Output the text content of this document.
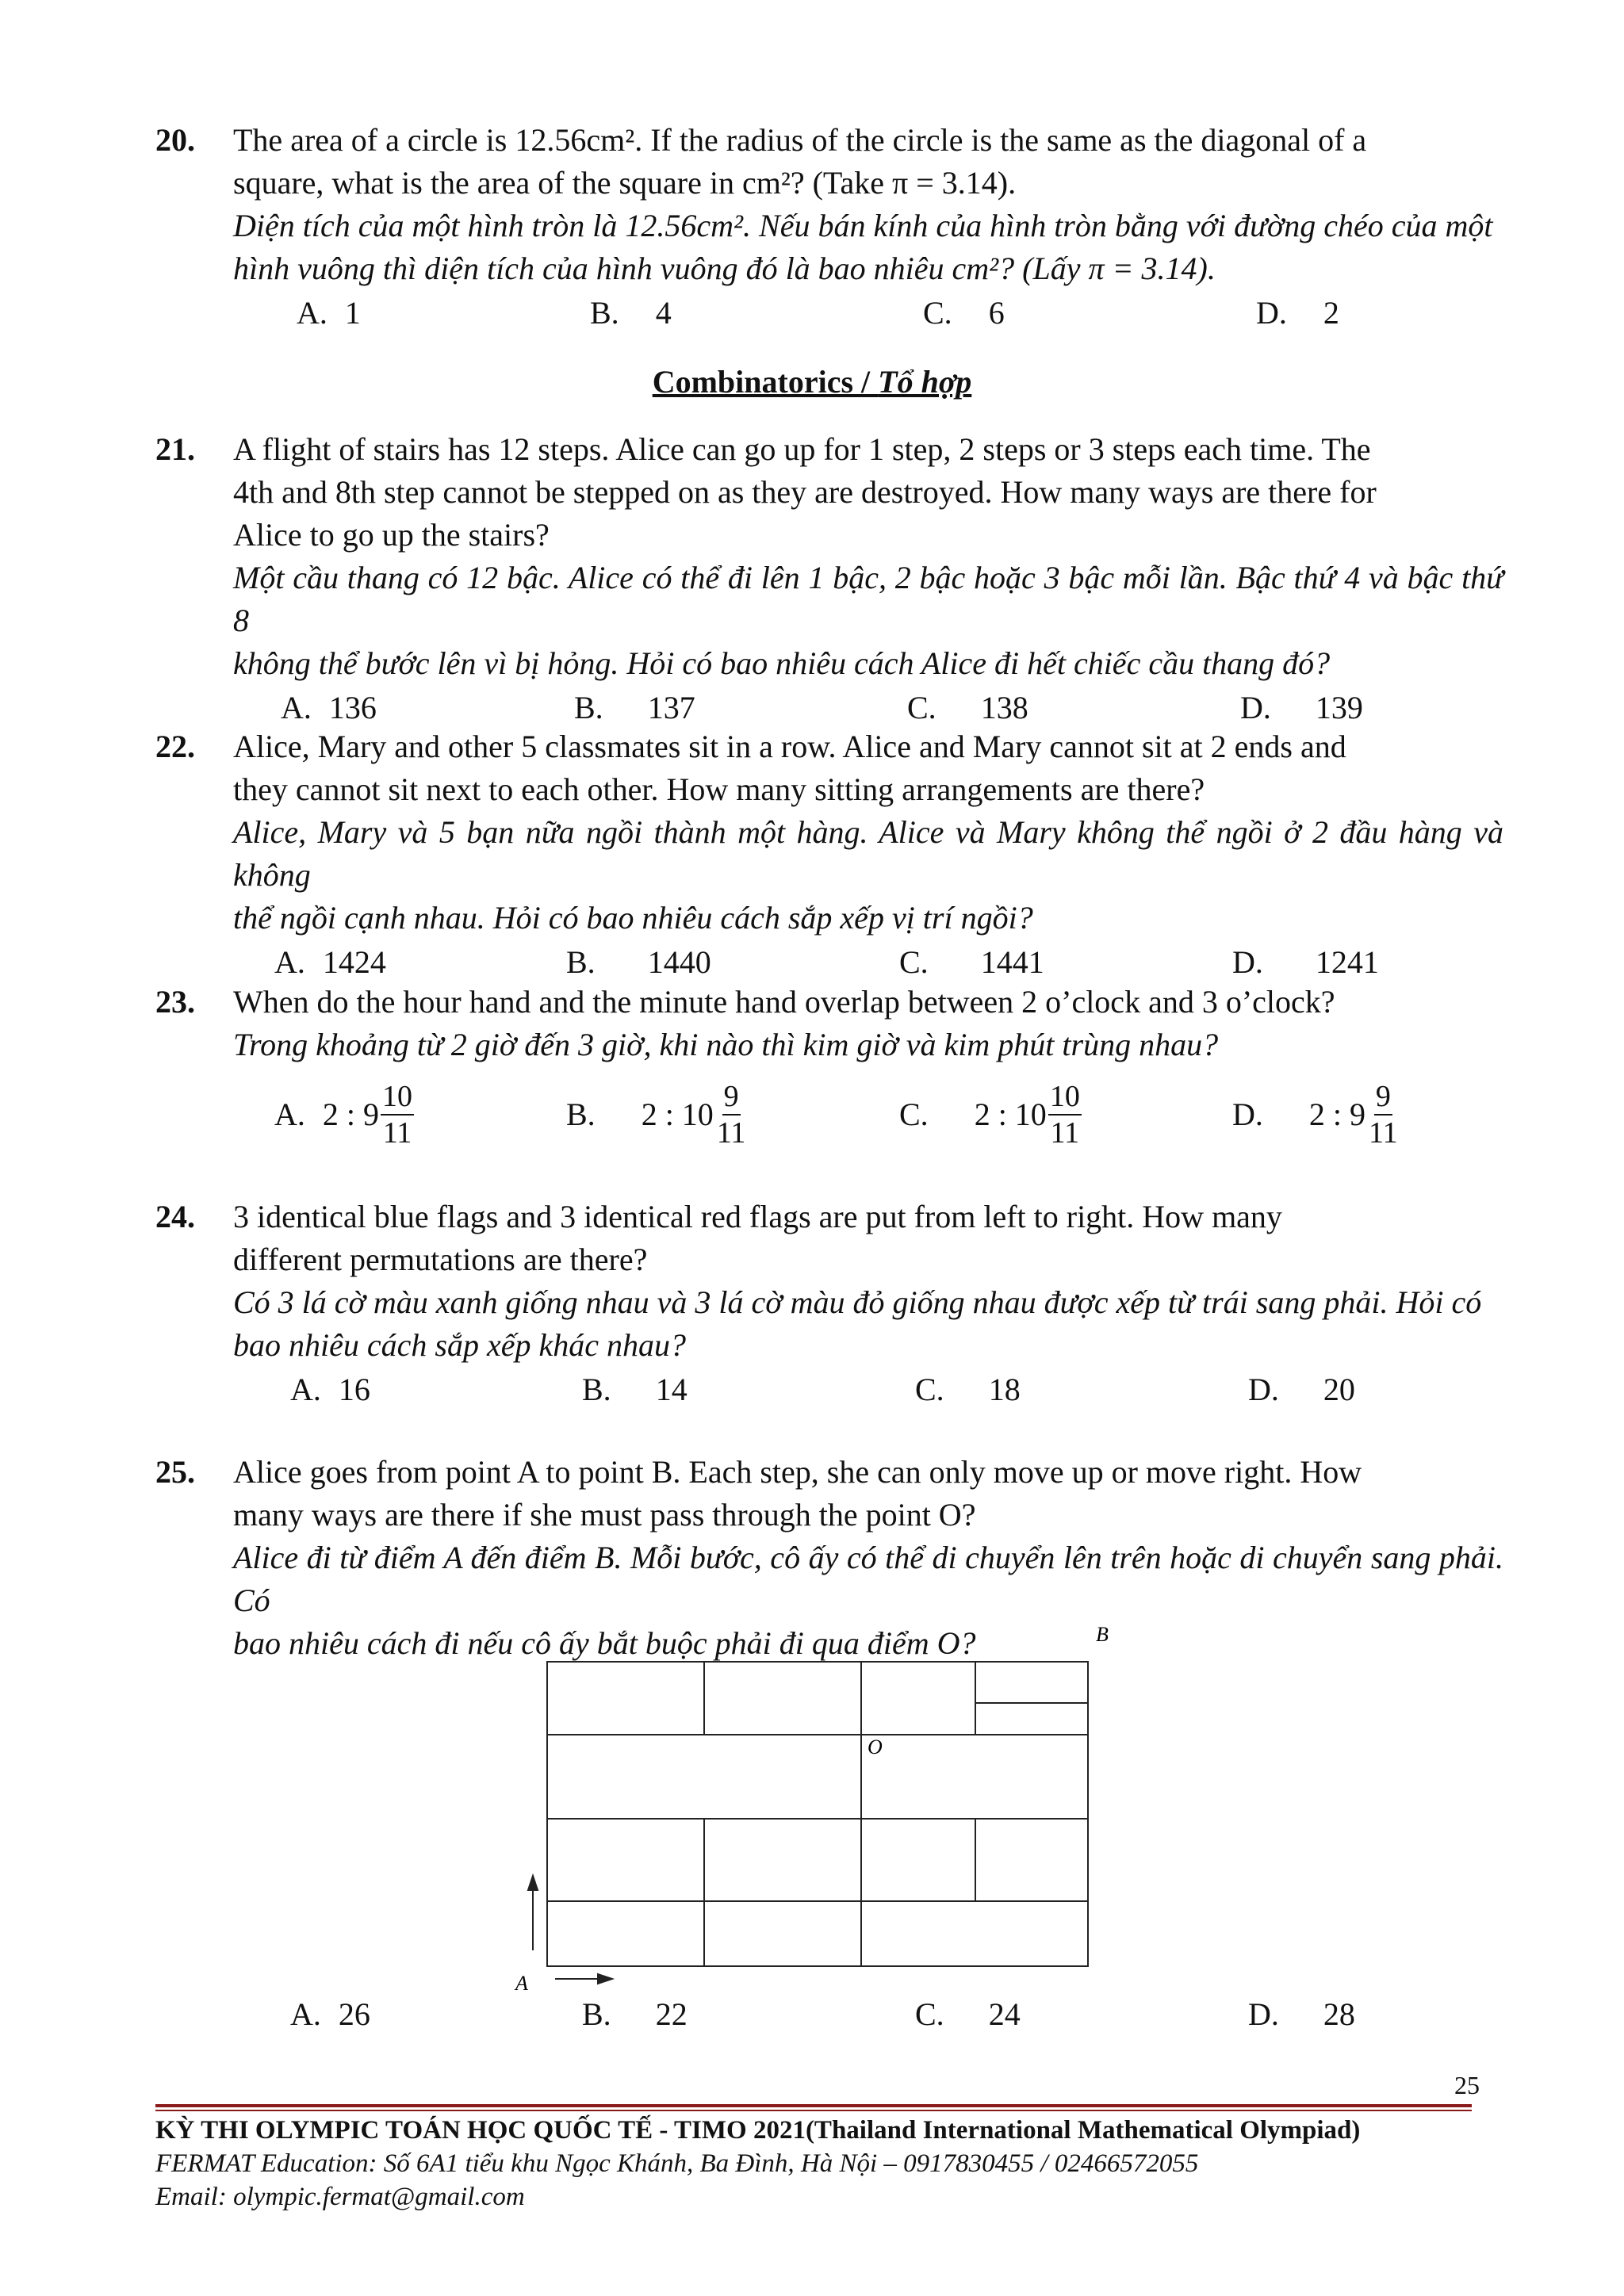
20. The area of a circle is 12.56cm². If the radius of the circle is the same as the diagonal of a
square, what is the area of the square in cm²? (Take π = 3.14).
Diện tích của một hình tròn là 12.56cm². Nếu bán kính của hình tròn bằng với đường chéo của một
hình vuông thì diện tích của hình vuông đó là bao nhiêu cm²? (Lấy π = 3.14).
A. 1	B. 4	C. 6	D. 2
Combinatorics / Tổ hợp
21. A flight of stairs has 12 steps. Alice can go up for 1 step, 2 steps or 3 steps each time. The
4th and 8th step cannot be stepped on as they are destroyed. How many ways are there for
Alice to go up the stairs?
Một cầu thang có 12 bậc. Alice có thể đi lên 1 bậc, 2 bậc hoặc 3 bậc mỗi lần. Bậc thứ 4 và bậc thứ 8
không thể bước lên vì bị hỏng. Hỏi có bao nhiêu cách Alice đi hết chiếc cầu thang đó?
A. 136	B. 137	C. 138	D. 139
22. Alice, Mary and other 5 classmates sit in a row. Alice and Mary cannot sit at 2 ends and
they cannot sit next to each other. How many sitting arrangements are there?
Alice, Mary và 5 bạn nữa ngồi thành một hàng. Alice và Mary không thể ngồi ở 2 đầu hàng và không
thể ngồi cạnh nhau. Hỏi có bao nhiêu cách sắp xếp vị trí ngồi?
A. 1424	B. 1440	C. 1441	D. 1241
23. When do the hour hand and the minute hand overlap between 2 o’clock and 3 o’clock?
Trong khoảng từ 2 giờ đến 3 giờ, khi nào thì kim giờ và kim phút trùng nhau?
A. 2 : $9 \frac{10}{11}$	B. 2 : $10 \frac{9}{11}$	C. 2 : $10 \frac{10}{11}$	D. 2 : $9 \frac{9}{11}$
24. 3 identical blue flags and 3 identical red flags are put from left to right. How many
different permutations are there?
Có 3 lá cờ màu xanh giống nhau và 3 lá cờ màu đỏ giống nhau được xếp từ trái sang phải. Hỏi có
bao nhiêu cách sắp xếp khác nhau?
A. 16	B. 14	C. 18	D. 20
25. Alice goes from point A to point B. Each step, she can only move up or move right. How
many ways are there if she must pass through the point O?
Alice đi từ điểm A đến điểm B. Mỗi bước, cô ấy có thể di chuyển lên trên hoặc di chuyển sang phải. Có
bao nhiêu cách đi nếu cô ấy bắt buộc phải đi qua điểm O?
A
B
O
A. 26	B. 22	C. 24	D. 28
25
KỲ THI OLYMPIC TOÁN HỌC QUỐC TẾ - TIMO 2021(Thailand International Mathematical Olympiad)
FERMAT Education: Số 6A1 tiểu khu Ngọc Khánh, Ba Đình, Hà Nội – 0917830455 / 02466572055
Email: olympic.fermat@gmail.com
